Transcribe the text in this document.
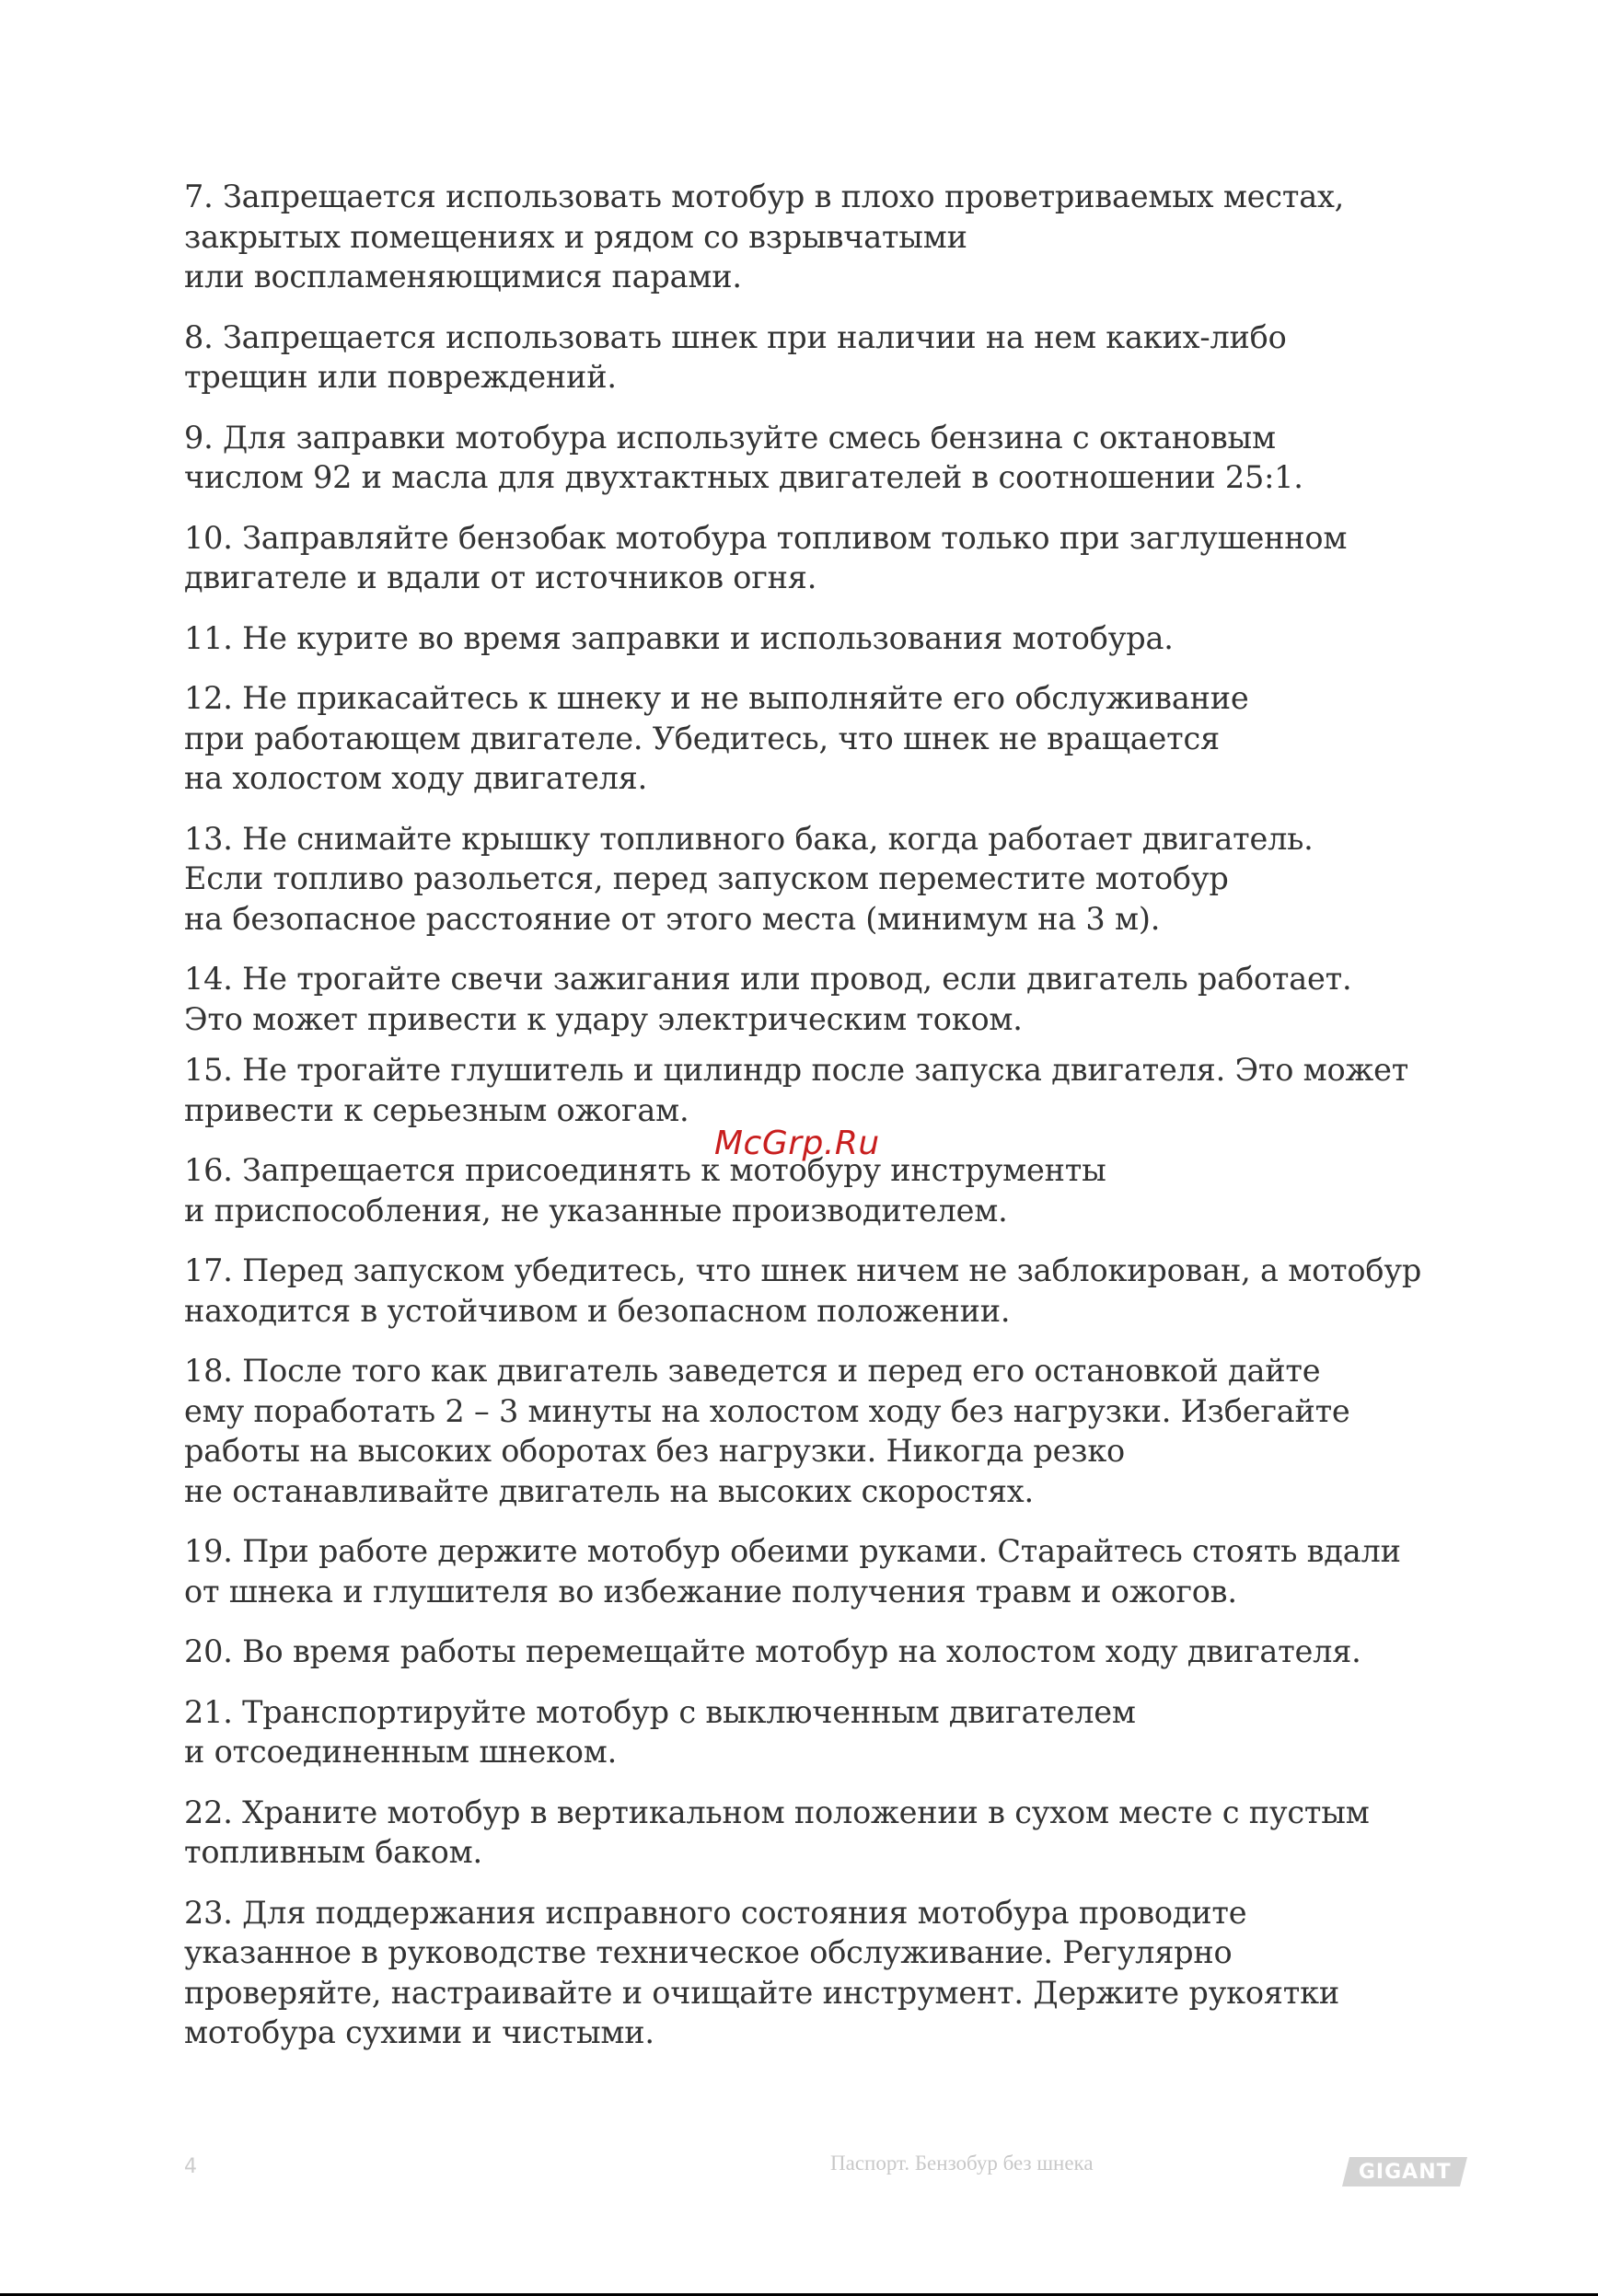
7. Запрещается использовать мотобур в плохо проветриваемых местах,
закрытых помещениях и рядом со взрывчатыми
или воспламеняющимися парами.

8. Запрещается использовать шнек при наличии на нем каких-либо
трещин или повреждений.

9. Для заправки мотобура используйте смесь бензина с октановым
числом 92 и масла для двухтактных двигателей в соотношении 25:1.

10. Заправляйте бензобак мотобура топливом только при заглушенном
двигателе и вдали от источников огня.

11. Не курите во время заправки и использования мотобура.

12. Не прикасайтесь к шнеку и не выполняйте его обслуживание
при работающем двигателе. Убедитесь, что шнек не вращается
на холостом ходу двигателя.

13. Не снимайте крышку топливного бака, когда работает двигатель.
Если топливо разольется, перед запуском переместите мотобур
на безопасное расстояние от этого места (минимум на 3 м).

14. Не трогайте свечи зажигания или провод, если двигатель работает.
Это может привести к удару электрическим током.

15. Не трогайте глушитель и цилиндр после запуска двигателя. Это может
привести к серьезным ожогам.

16. Запрещается присоединять к мотобуру инструменты
и приспособления, не указанные производителем.

17. Перед запуском убедитесь, что шнек ничем не заблокирован, а мотобур
находится в устойчивом и безопасном положении.

18. После того как двигатель заведется и перед его остановкой дайте
ему поработать 2 – 3 минуты на холостом ходу без нагрузки. Избегайте
работы на высоких оборотах без нагрузки. Никогда резко
не останавливайте двигатель на высоких скоростях.

19. При работе держите мотобур обеими руками. Старайтесь стоять вдали
от шнека и глушителя во избежание получения травм и ожогов.

20. Во время работы перемещайте мотобур на холостом ходу двигателя.

21. Транспортируйте мотобур с выключенным двигателем
и отсоединенным шнеком.

22. Храните мотобур в вертикальном положении в сухом месте с пустым
топливным баком.

23. Для поддержания исправного состояния мотобура проводите
указанное в руководстве техническое обслуживание. Регулярно
проверяйте, настраивайте и очищайте инструмент. Держите рукоятки
мотобура сухими и чистыми.

McGrp.Ru
4	Паспорт. Бензобур без шнека	GIGANT
